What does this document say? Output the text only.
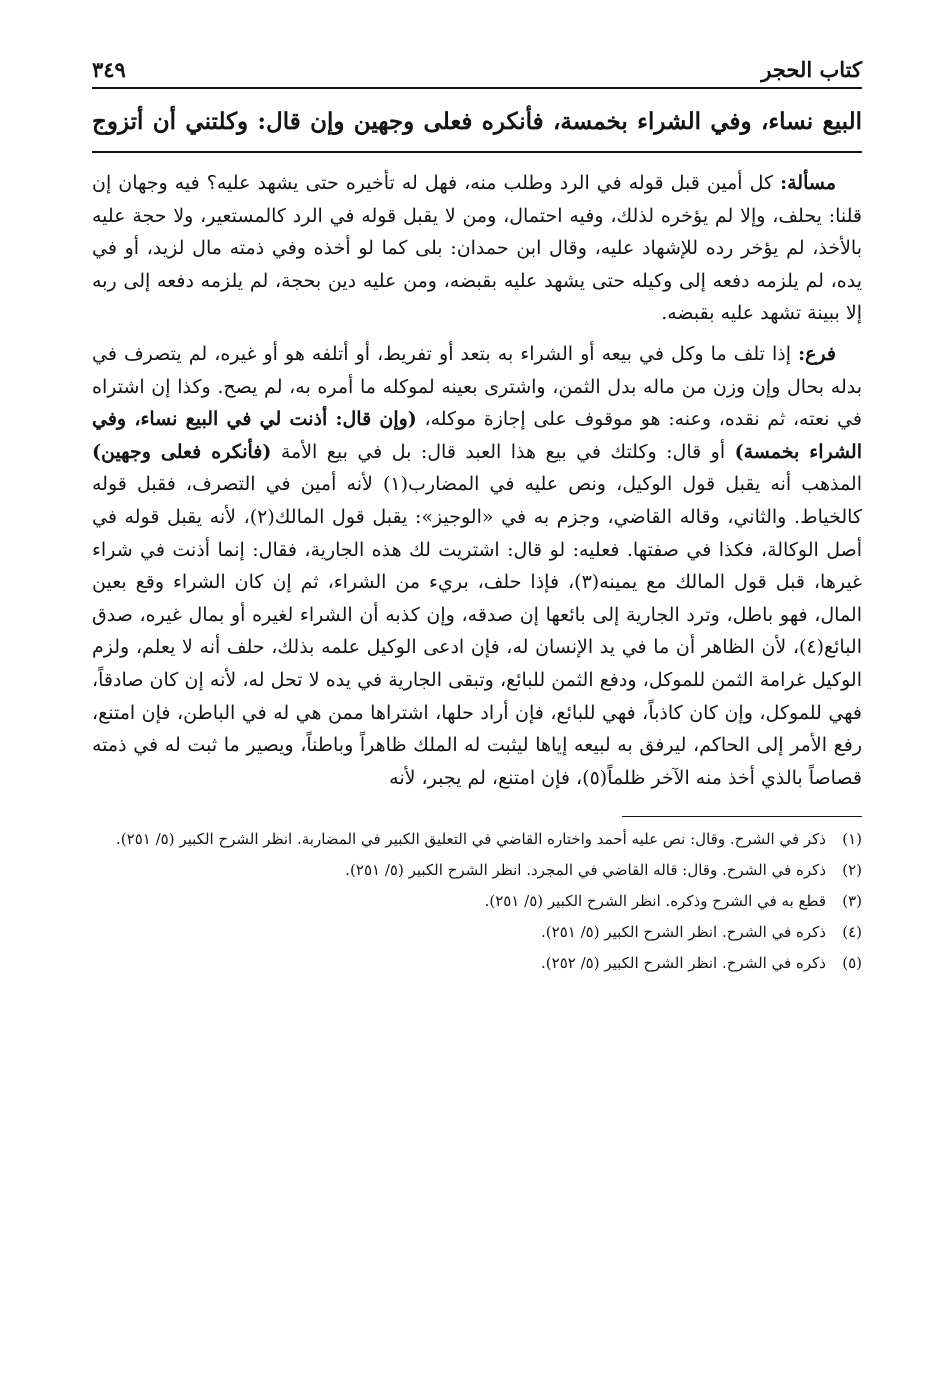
كتاب الحجر
٣٤٩
البيع نساء، وفي الشراء بخمسة، فأنكره فعلى وجهين وإن قال: وكلتني أن أتزوج

مسألة: كل أمين قبل قوله في الرد وطلب منه، فهل له تأخيره حتى يشهد عليه؟ فيه وجهان إن قلنا: يحلف، وإلا لم يؤخره لذلك، وفيه احتمال، ومن لا يقبل قوله في الرد كالمستعير، ولا حجة عليه بالأخذ، لم يؤخر رده للإشهاد عليه، وقال ابن حمدان: بلى كما لو أخذه وفي ذمته مال لزيد، أو في يده، لم يلزمه دفعه إلى وكيله حتى يشهد عليه بقبضه، ومن عليه دين بحجة، لم يلزمه دفعه إلى ربه إلا ببينة تشهد عليه بقبضه.

فرع: إذا تلف ما وكل في بيعه أو الشراء به بتعد أو تفريط، أو أتلفه هو أو غيره، لم يتصرف في بدله بحال وإن وزن من ماله بدل الثمن، واشترى بعينه لموكله ما أمره به، لم يصح. وكذا إن اشتراه في نعته، ثم نقده، وعنه: هو موقوف على إجازة موكله، (وإن قال: أذنت لي في البيع نساء، وفي الشراء بخمسة) أو قال: وكلتك في بيع هذا العبد قال: بل في بيع الأمة (فأنكره فعلى وجهين) المذهب أنه يقبل قول الوكيل، ونص عليه في المضارب(١) لأنه أمين في التصرف، فقبل قوله كالخياط. والثاني، وقاله القاضي، وجزم به في «الوجيز»: يقبل قول المالك(٢)، لأنه يقبل قوله في أصل الوكالة، فكذا في صفتها. فعليه: لو قال: اشتريت لك هذه الجارية، فقال: إنما أذنت في شراء غيرها، قبل قول المالك مع يمينه(٣)، فإذا حلف، بريء من الشراء، ثم إن كان الشراء وقع بعين المال، فهو باطل، وترد الجارية إلى بائعها إن صدقه، وإن كذبه أن الشراء لغيره أو بمال غيره، صدق البائع(٤)، لأن الظاهر أن ما في يد الإنسان له، فإن ادعى الوكيل علمه بذلك، حلف أنه لا يعلم، ولزم الوكيل غرامة الثمن للموكل، ودفع الثمن للبائع، وتبقى الجارية في يده لا تحل له، لأنه إن كان صادقاً، فهي للموكل، وإن كان كاذباً، فهي للبائع، فإن أراد حلها، اشتراها ممن هي له في الباطن، فإن امتنع، رفع الأمر إلى الحاكم، ليرفق به لبيعه إياها ليثبت له الملك ظاهراً وباطناً، ويصير ما ثبت له في ذمته قصاصاً بالذي أخذ منه الآخر ظلماً(٥)، فإن امتنع، لم يجبر، لأنه

(١)
ذكر في الشرح. وقال: نص عليه أحمد واختاره القاضي في التعليق الكبير في المضاربة. انظر الشرح الكبير (٥/ ٢٥١).

(٢)
ذكره في الشرح. وقال: قاله القاضي في المجرد. انظر الشرح الكبير (٥/ ٢٥١).

(٣)
قطع به في الشرح وذكره. انظر الشرح الكبير (٥/ ٢٥١).

(٤)
ذكره في الشرح. انظر الشرح الكبير (٥/ ٢٥١).

(٥)
ذكره في الشرح. انظر الشرح الكبير (٥/ ٢٥٢).
